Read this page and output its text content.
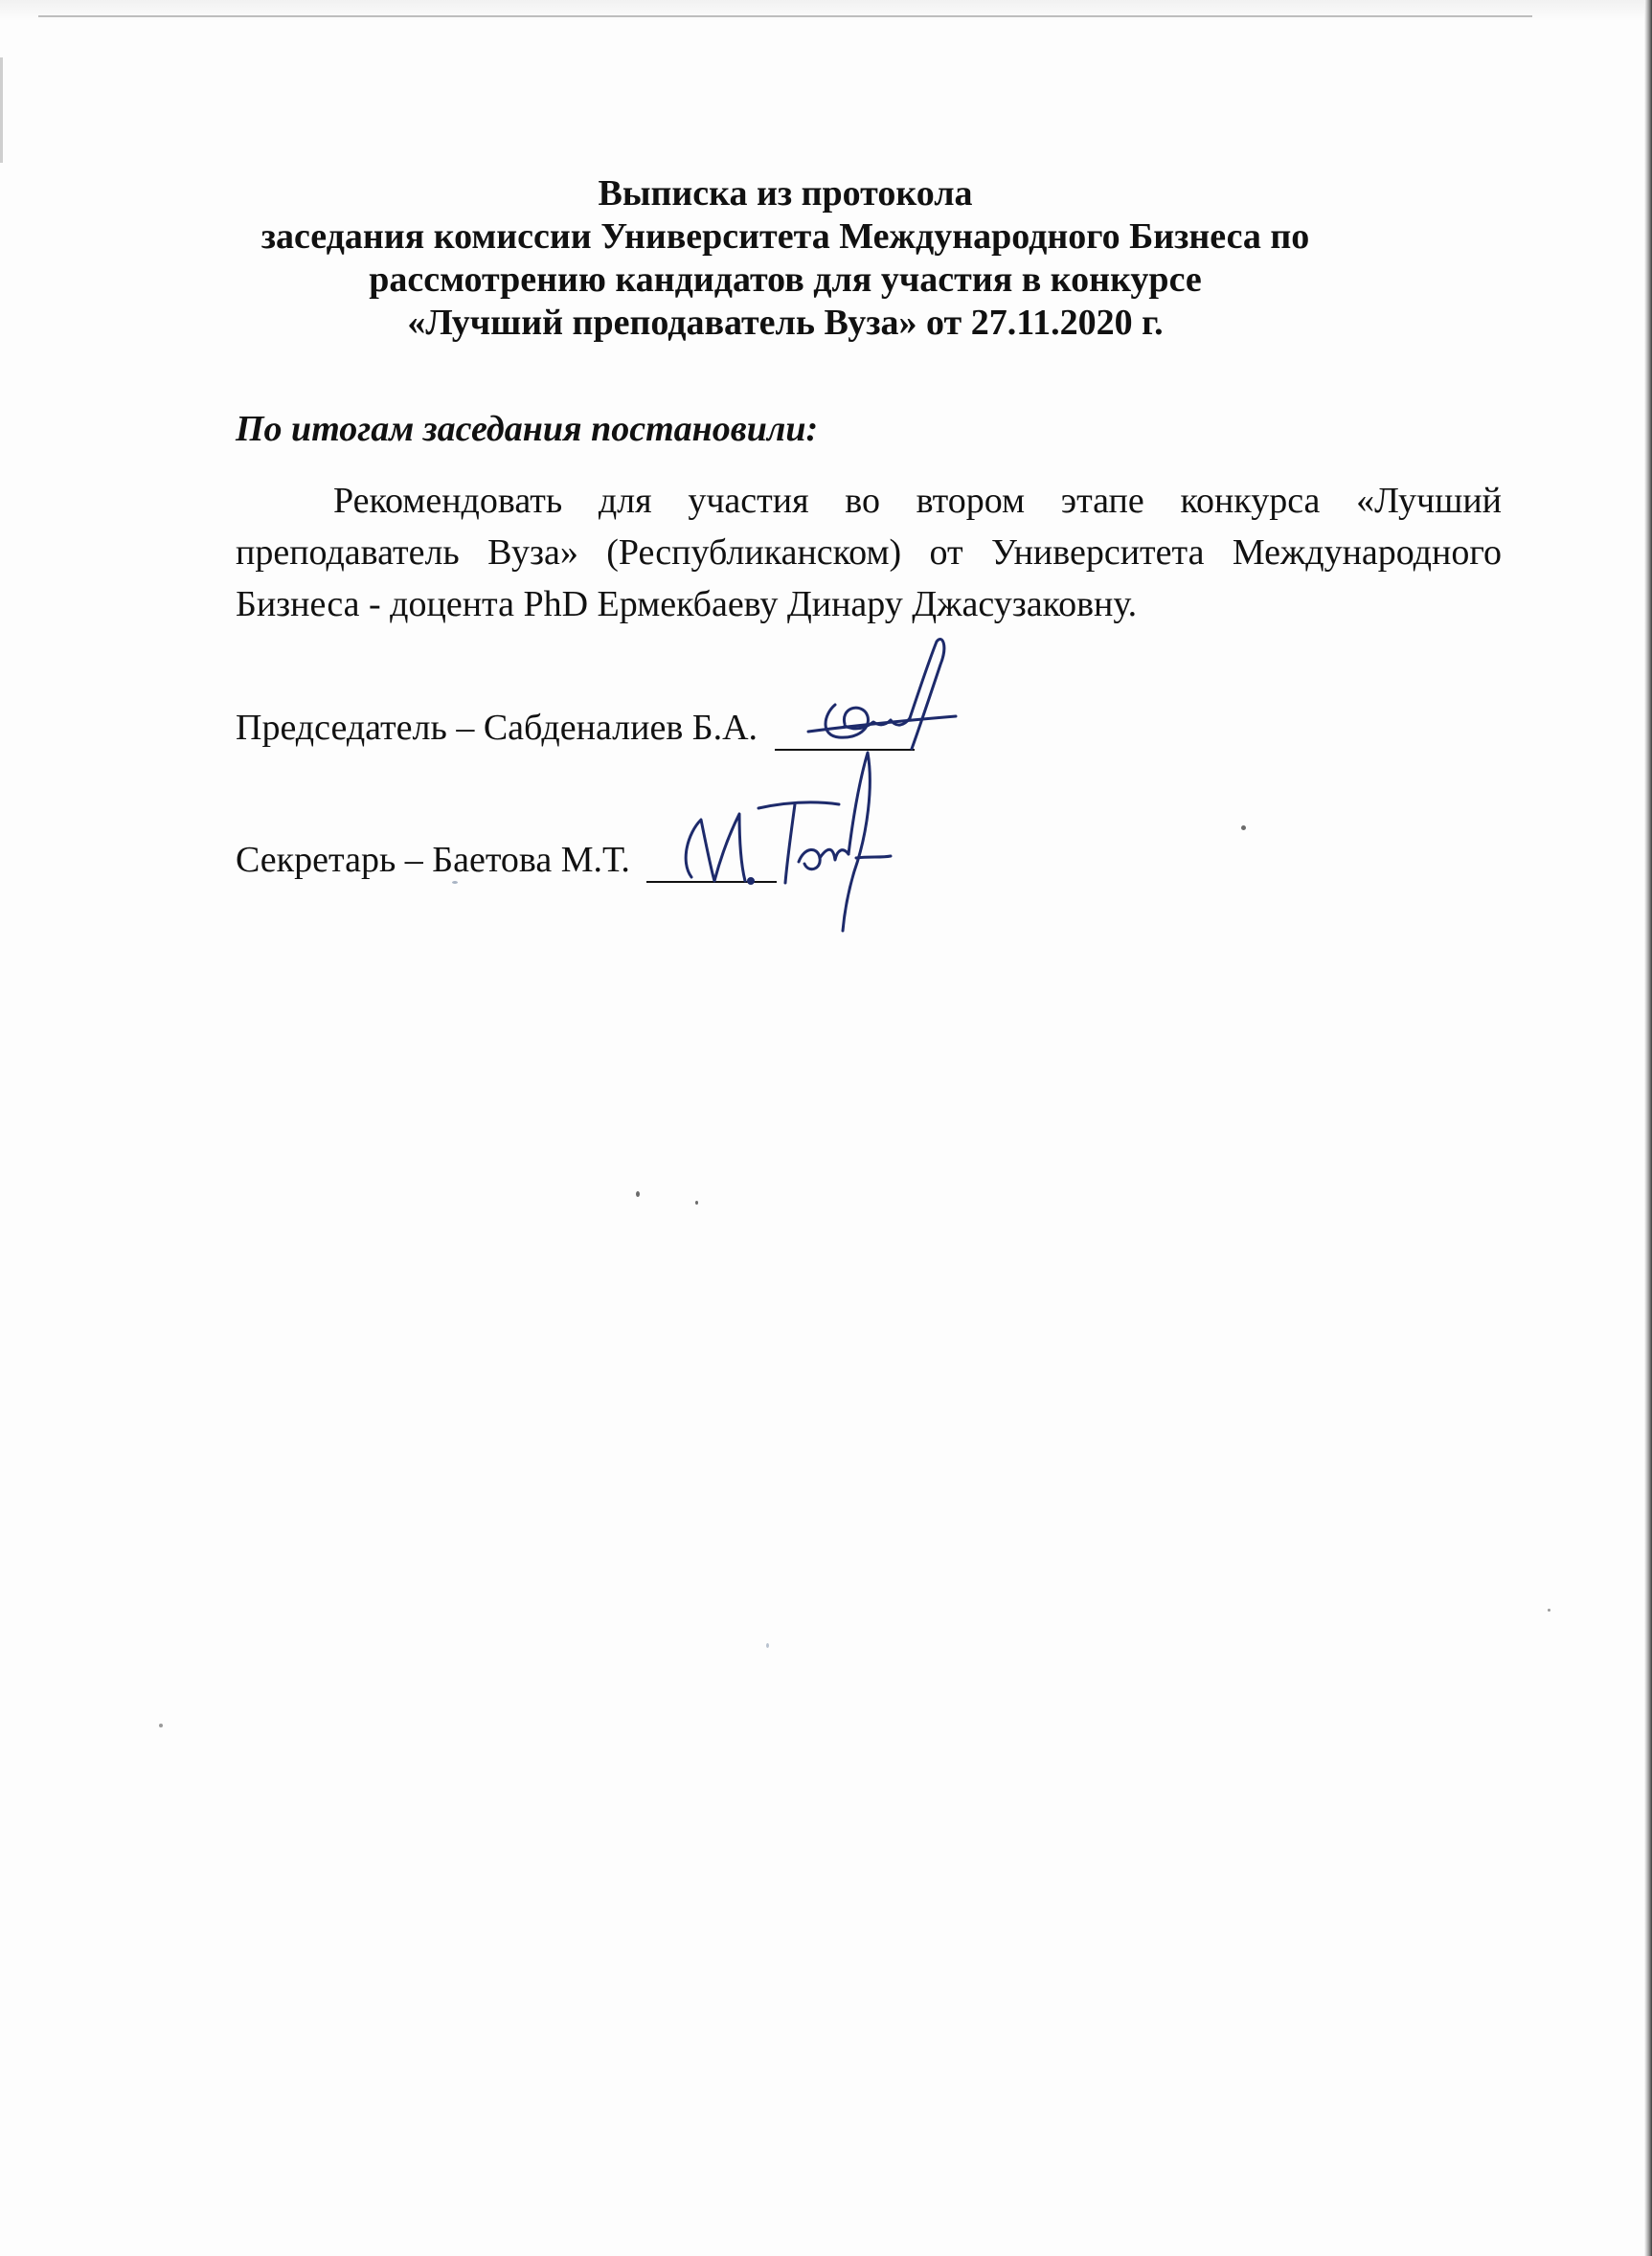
Выписка из протокола
заседания комиссии Университета Международного Бизнеса по
рассмотрению кандидатов для участия в конкурсе
«Лучший преподаватель Вуза» от 27.11.2020 г.
По итогам заседания постановили:
Рекомендовать для участия во втором этапе конкурса «Лучший
преподаватель Вуза» (Республиканском) от Университета Международного
Бизнеса - доцента PhD Ермекбаеву Динару Джасузаковну.
Председатель – Сабденалиев Б.А.
Секретарь – Баетова М.Т.
